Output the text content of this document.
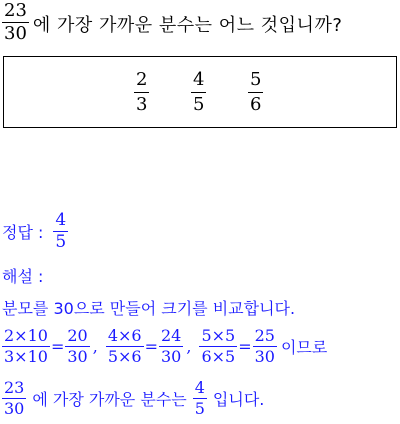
$\frac{23}{30}$ 에 가장 가까운 분수는 어느 것입니까?
2
3
4
5
5
6
정답 : $\frac{4}{5}$
해설 :
분모를 30으로 만들어 크기를 비교합니다.
$\frac{2\times 10}{3\times 10} = \frac{20}{30}$ , $\frac{4\times 6}{5\times 6} = \frac{24}{30}$ , $\frac{5\times 5}{6\times 5} = \frac{25}{30}$ 이므로
$\frac{23}{30}$ 에 가장 가까운 분수는 $\frac{4}{5}$ 입니다.
